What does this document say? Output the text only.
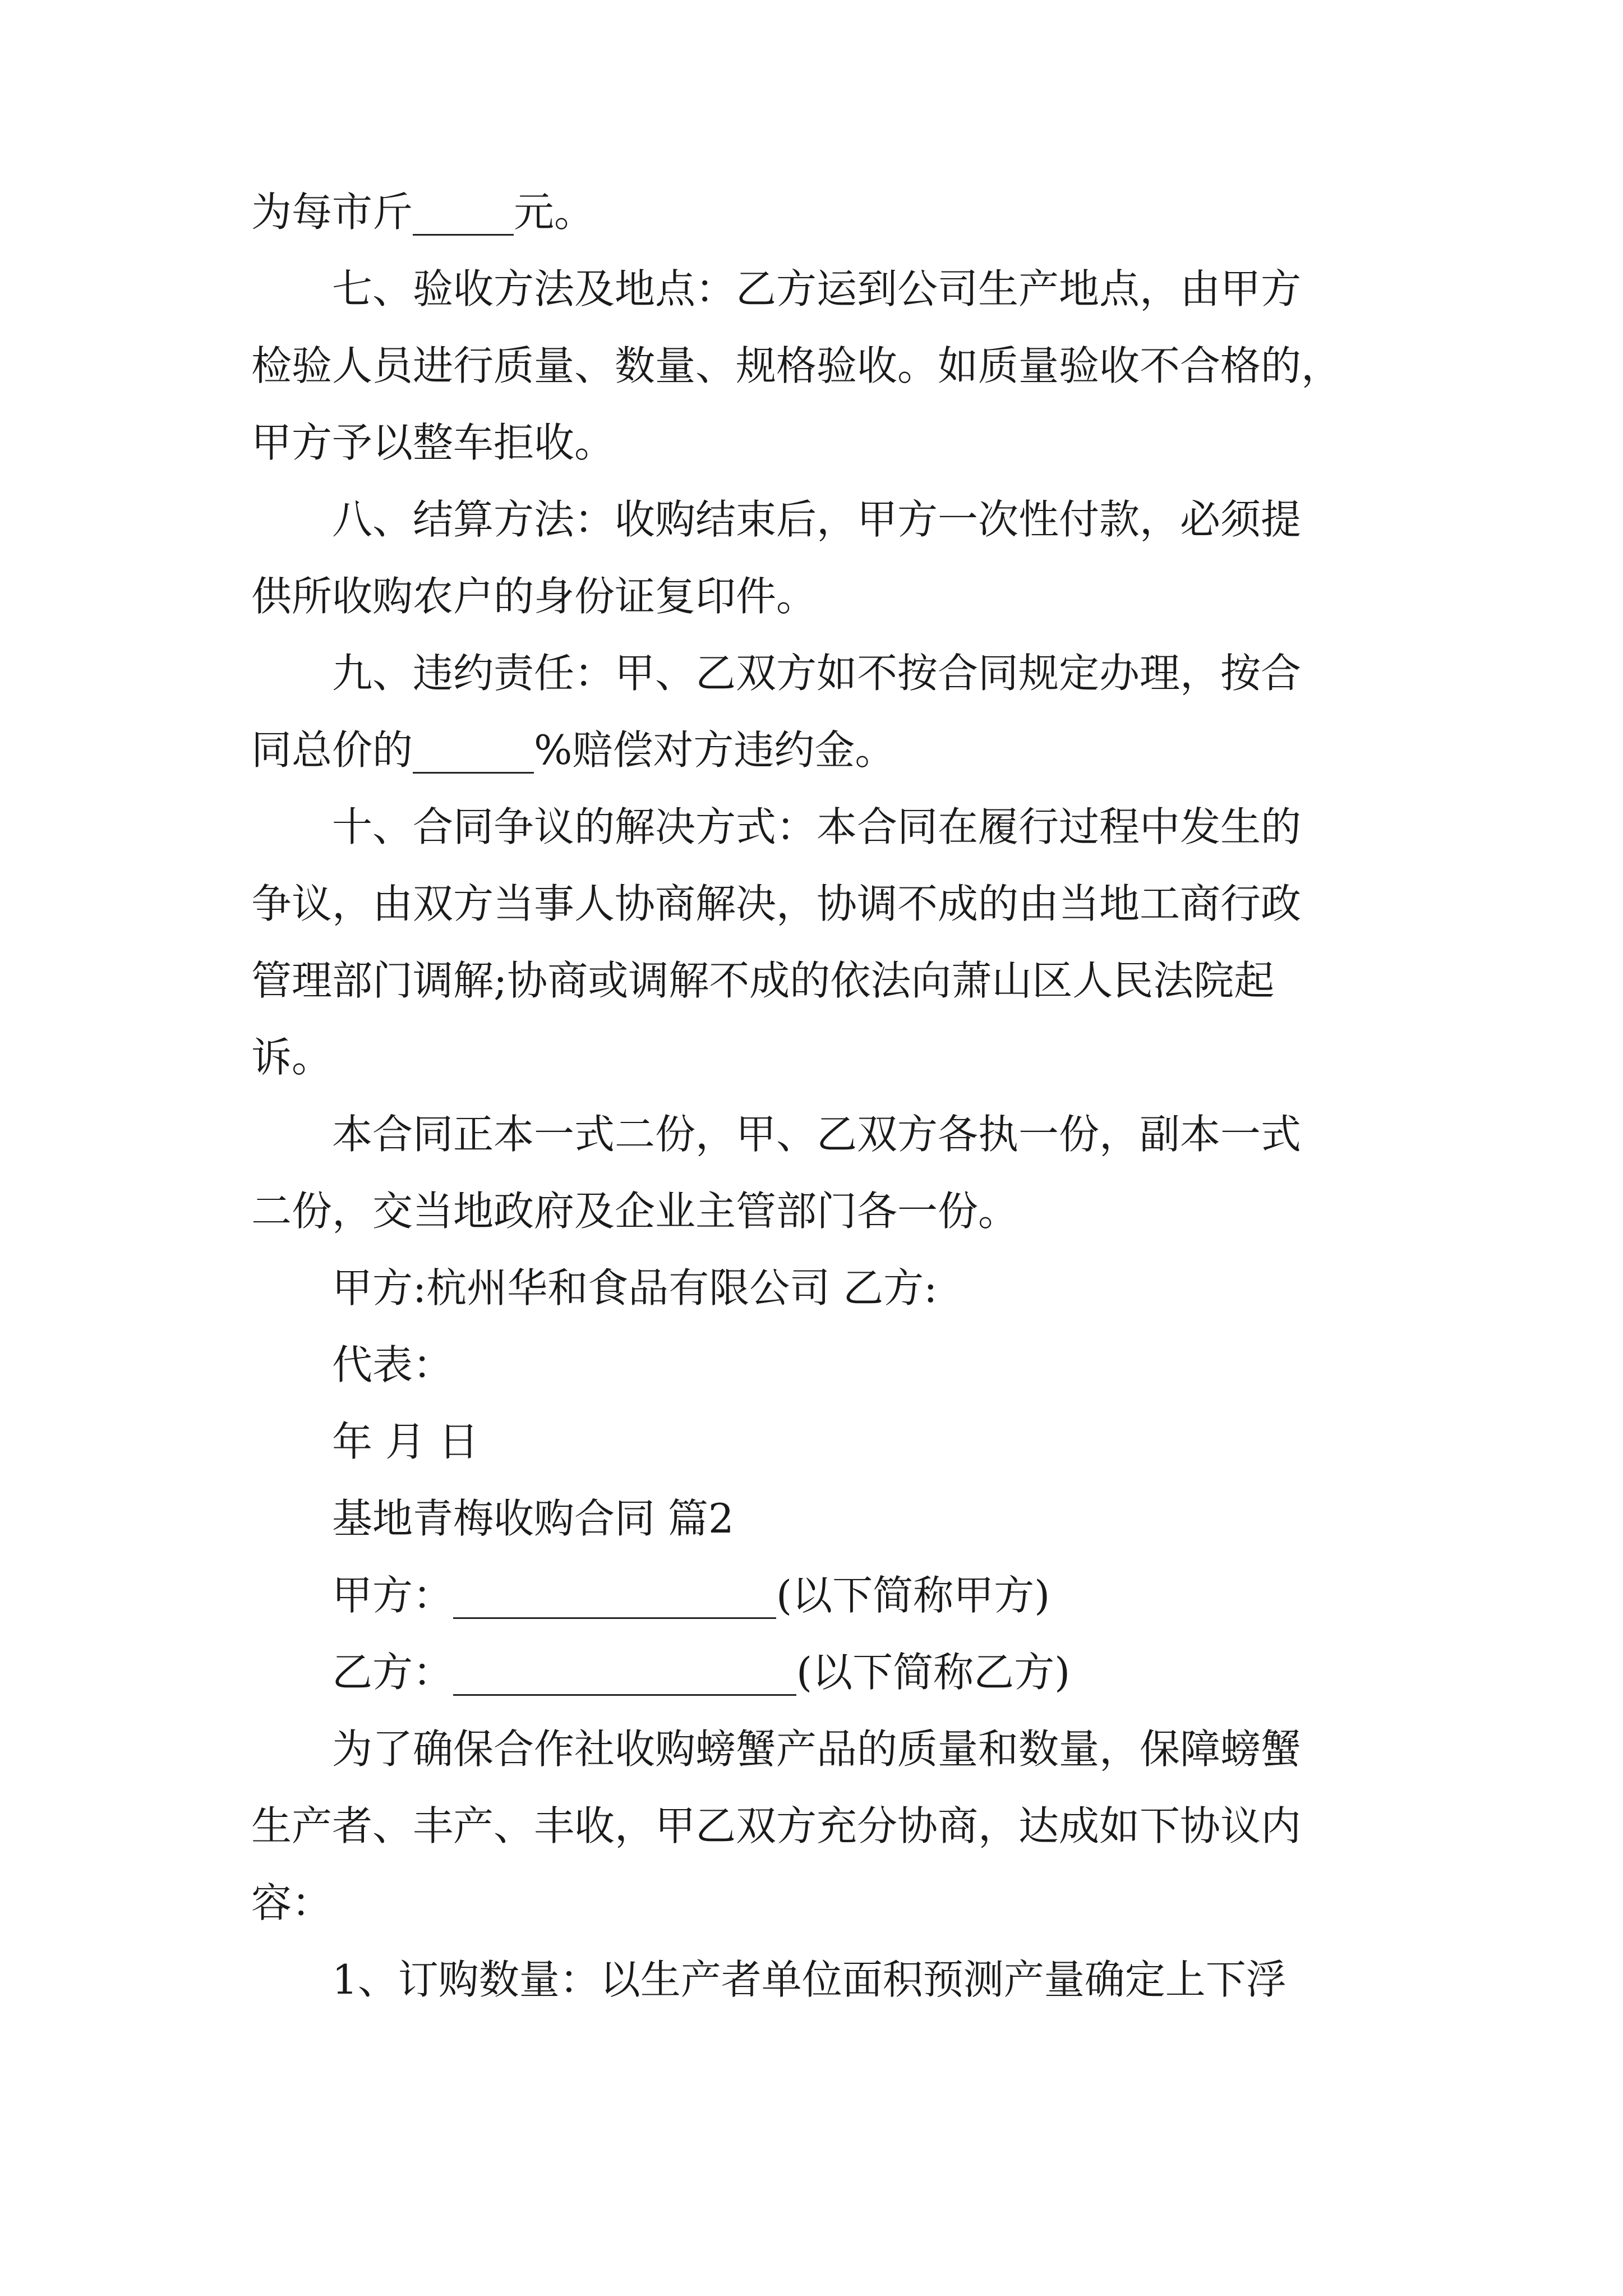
为每市斤_____元。
　　七、验收方法及地点：乙方运到公司生产地点，由甲方
检验人员进行质量、数量、规格验收。如质量验收不合格的，
甲方予以整车拒收。
　　八、结算方法：收购结束后，甲方一次性付款，必须提
供所收购农户的身份证复印件。
　　九、违约责任：甲、乙双方如不按合同规定办理，按合
同总价的______%赔偿对方违约金。
　　十、合同争议的解决方式：本合同在履行过程中发生的
争议，由双方当事人协商解决，协调不成的由当地工商行政
管理部门调解;协商或调解不成的依法向萧山区人民法院起
诉。
　　本合同正本一式二份，甲、乙双方各执一份，副本一式
二份，交当地政府及企业主管部门各一份。
　　甲方:杭州华和食品有限公司 乙方:
　　代表：
　　年 月 日
　　基地青梅收购合同 篇2
　　甲方：________________(以下简称甲方)
　　乙方：_________________(以下简称乙方)
　　为了确保合作社收购螃蟹产品的质量和数量，保障螃蟹
生产者、丰产、丰收，甲乙双方充分协商，达成如下协议内
容：
　　1、订购数量：以生产者单位面积预测产量确定上下浮
